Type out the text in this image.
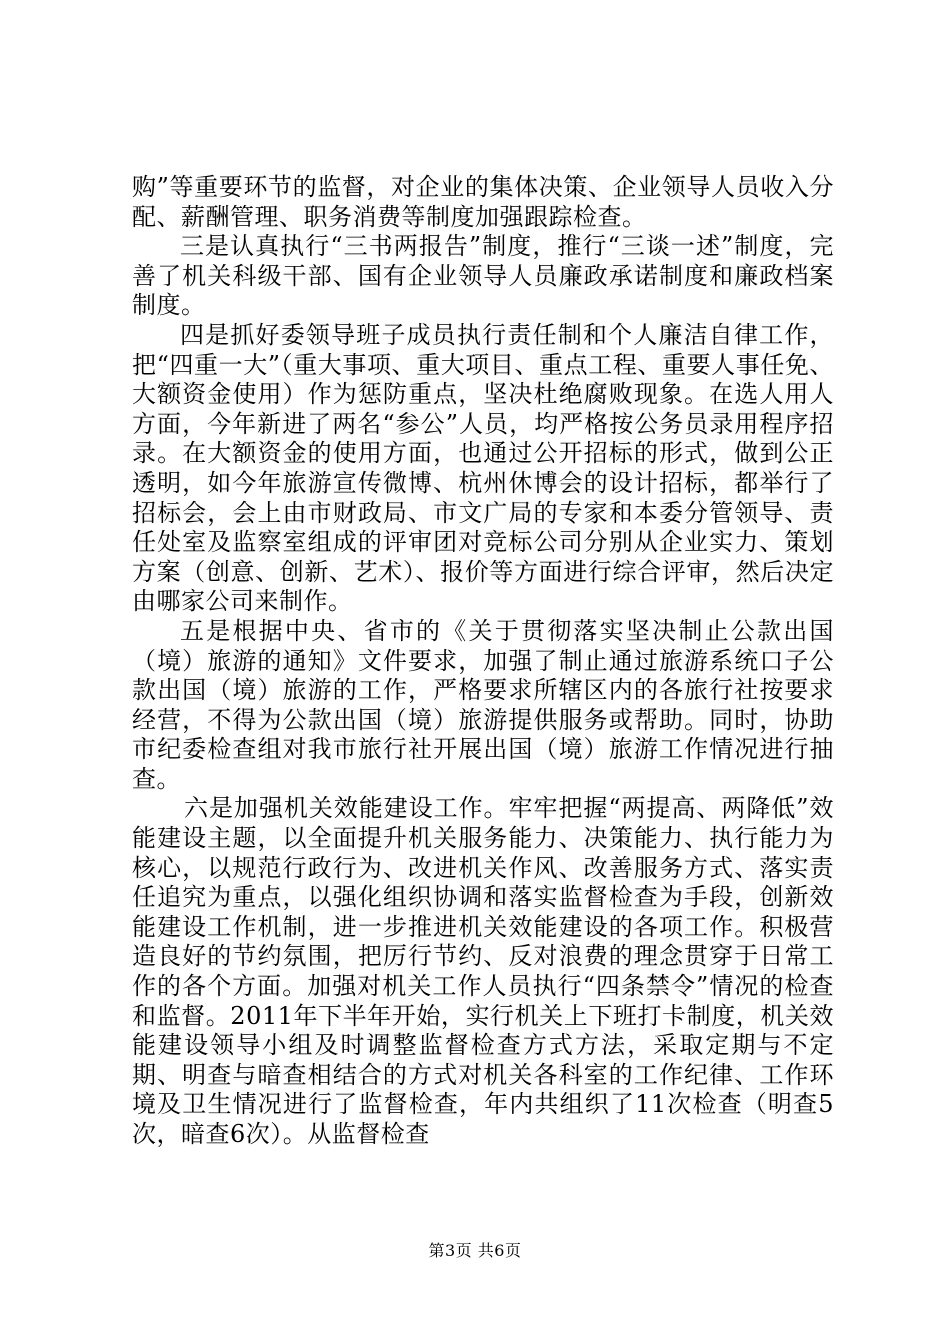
购”等重要环节的监督，对企业的集体决策、企业领导人员收入分配、薪酬管理、职务消费等制度加强跟踪检查。

三是认真执行“三书两报告”制度，推行“三谈一述”制度，完善了机关科级干部、国有企业领导人员廉政承诺制度和廉政档案制度。

四是抓好委领导班子成员执行责任制和个人廉洁自律工作，把“四重一大”（重大事项、重大项目、重点工程、重要人事任免、大额资金使用）作为惩防重点，坚决杜绝腐败现象。在选人用人方面，今年新进了两名“参公”人员，均严格按公务员录用程序招录。在大额资金的使用方面，也通过公开招标的形式，做到公正透明，如今年旅游宣传微博、杭州休博会的设计招标，都举行了招标会，会上由市财政局、市文广局的专家和本委分管领导、责任处室及监察室组成的评审团对竞标公司分别从企业实力、策划方案（创意、创新、艺术）、报价等方面进行综合评审，然后决定由哪家公司来制作。

五是根据中央、省市的《关于贯彻落实坚决制止公款出国（境）旅游的通知》文件要求，加强了制止通过旅游系统口子公款出国（境）旅游的工作，严格要求所辖区内的各旅行社按要求经营，不得为公款出国（境）旅游提供服务或帮助。同时，协助市纪委检查组对我市旅行社开展出国（境）旅游工作情况进行抽查。

六是加强机关效能建设工作。牢牢把握“两提高、两降低”效能建设主题，以全面提升机关服务能力、决策能力、执行能力为核心，以规范行政行为、改进机关作风、改善服务方式、落实责任追究为重点，以强化组织协调和落实监督检查为手段，创新效能建设工作机制，进一步推进机关效能建设的各项工作。积极营造良好的节约氛围，把厉行节约、反对浪费的理念贯穿于日常工作的各个方面。加强对机关工作人员执行“四条禁令”情况的检查和监督。2011年下半年开始，实行机关上下班打卡制度，机关效能建设领导小组及时调整监督检查方式方法，采取定期与不定期、明查与暗查相结合的方式对机关各科室的工作纪律、工作环境及卫生情况进行了监督检查，年内共组织了11次检查（明查5次，暗查6次）。从监督检查

第3页 共6页
